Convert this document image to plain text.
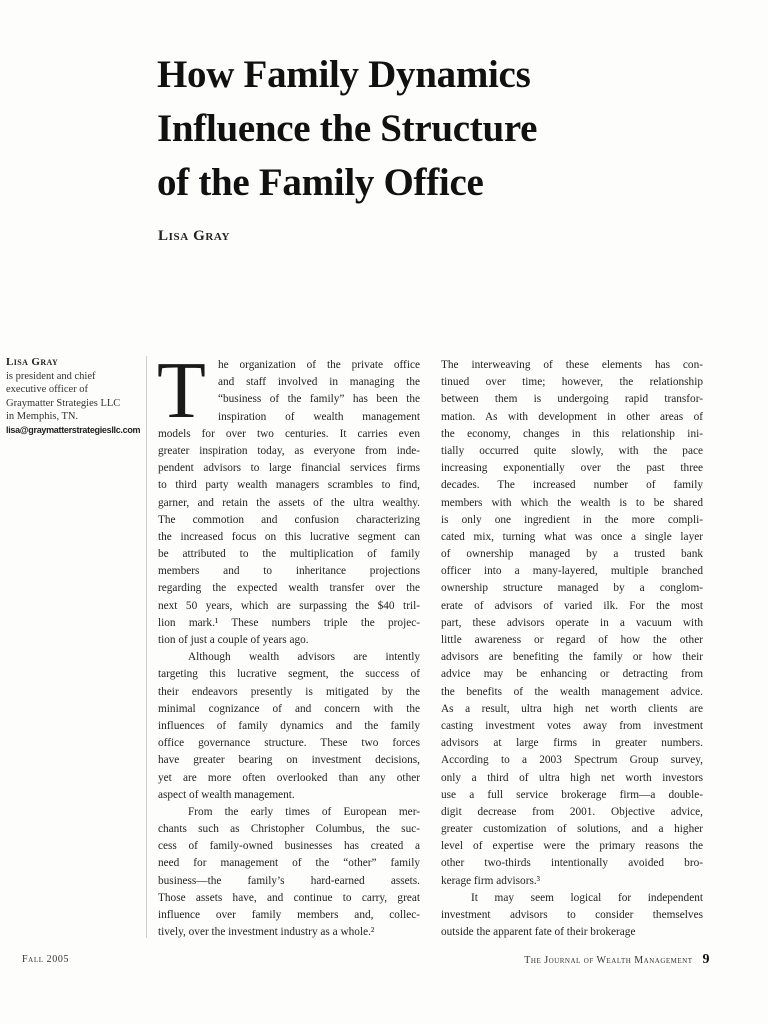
How Family Dynamics
Influence the Structure
of the Family Office
Lisa Gray
Lisa Gray
is president and chief
executive officer of
Graymatter Strategies LLC
in Memphis, TN.
lisa@graymatterstrategiesllc.com T	he organization of the private office
and staff involved in managing the
“business of the family” has been the
inspiration of wealth management
models for over two centuries. It carries even
greater inspiration today, as everyone from inde-
pendent advisors to large financial services firms
to third party wealth managers scrambles to find,
garner, and retain the assets of the ultra wealthy.
The commotion and confusion characterizing
the increased focus on this lucrative segment can
be attributed to the multiplication of family
members and to inheritance projections
regarding the expected wealth transfer over the
next 50 years, which are surpassing the $40 tril-
lion mark.¹ These numbers triple the projec-
tion of just a couple of years ago.
Although wealth advisors are intently
targeting this lucrative segment, the success of
their endeavors presently is mitigated by the
minimal cognizance of and concern with the
influences of family dynamics and the family
office governance structure. These two forces
have greater bearing on investment decisions,
yet are more often overlooked than any other
aspect of wealth management.
From the early times of European mer-
chants such as Christopher Columbus, the suc-
cess of family-owned businesses has created a
need for management of the “other” family
business—the family’s hard-earned assets.
Those assets have, and continue to carry, great
influence over family members and, collec-
tively, over the investment industry as a whole.²
The interweaving of these elements has con-
tinued over time; however, the relationship
between them is undergoing rapid transfor-
mation. As with development in other areas of
the economy, changes in this relationship ini-
tially occurred quite slowly, with the pace
increasing exponentially over the past three
decades. The increased number of family
members with which the wealth is to be shared
is only one ingredient in the more compli-
cated mix, turning what was once a single layer
of ownership managed by a trusted bank
officer into a many-layered, multiple branched
ownership structure managed by a conglom-
erate of advisors of varied ilk. For the most
part, these advisors operate in a vacuum with
little awareness or regard of how the other
advisors are benefiting the family or how their
advice may be enhancing or detracting from
the benefits of the wealth management advice.
As a result, ultra high net worth clients are
casting investment votes away from investment
advisors at large firms in greater numbers.
According to a 2003 Spectrum Group survey,
only a third of ultra high net worth investors
use a full service brokerage firm—a double-
digit decrease from 2001. Objective advice,
greater customization of solutions, and a higher
level of expertise were the primary reasons the
other two-thirds intentionally avoided bro-
kerage firm advisors.³
It may seem logical for independent
investment advisors to consider themselves
outside the apparent fate of their brokerage
Fall 2005	The Journal of Wealth Management 9
